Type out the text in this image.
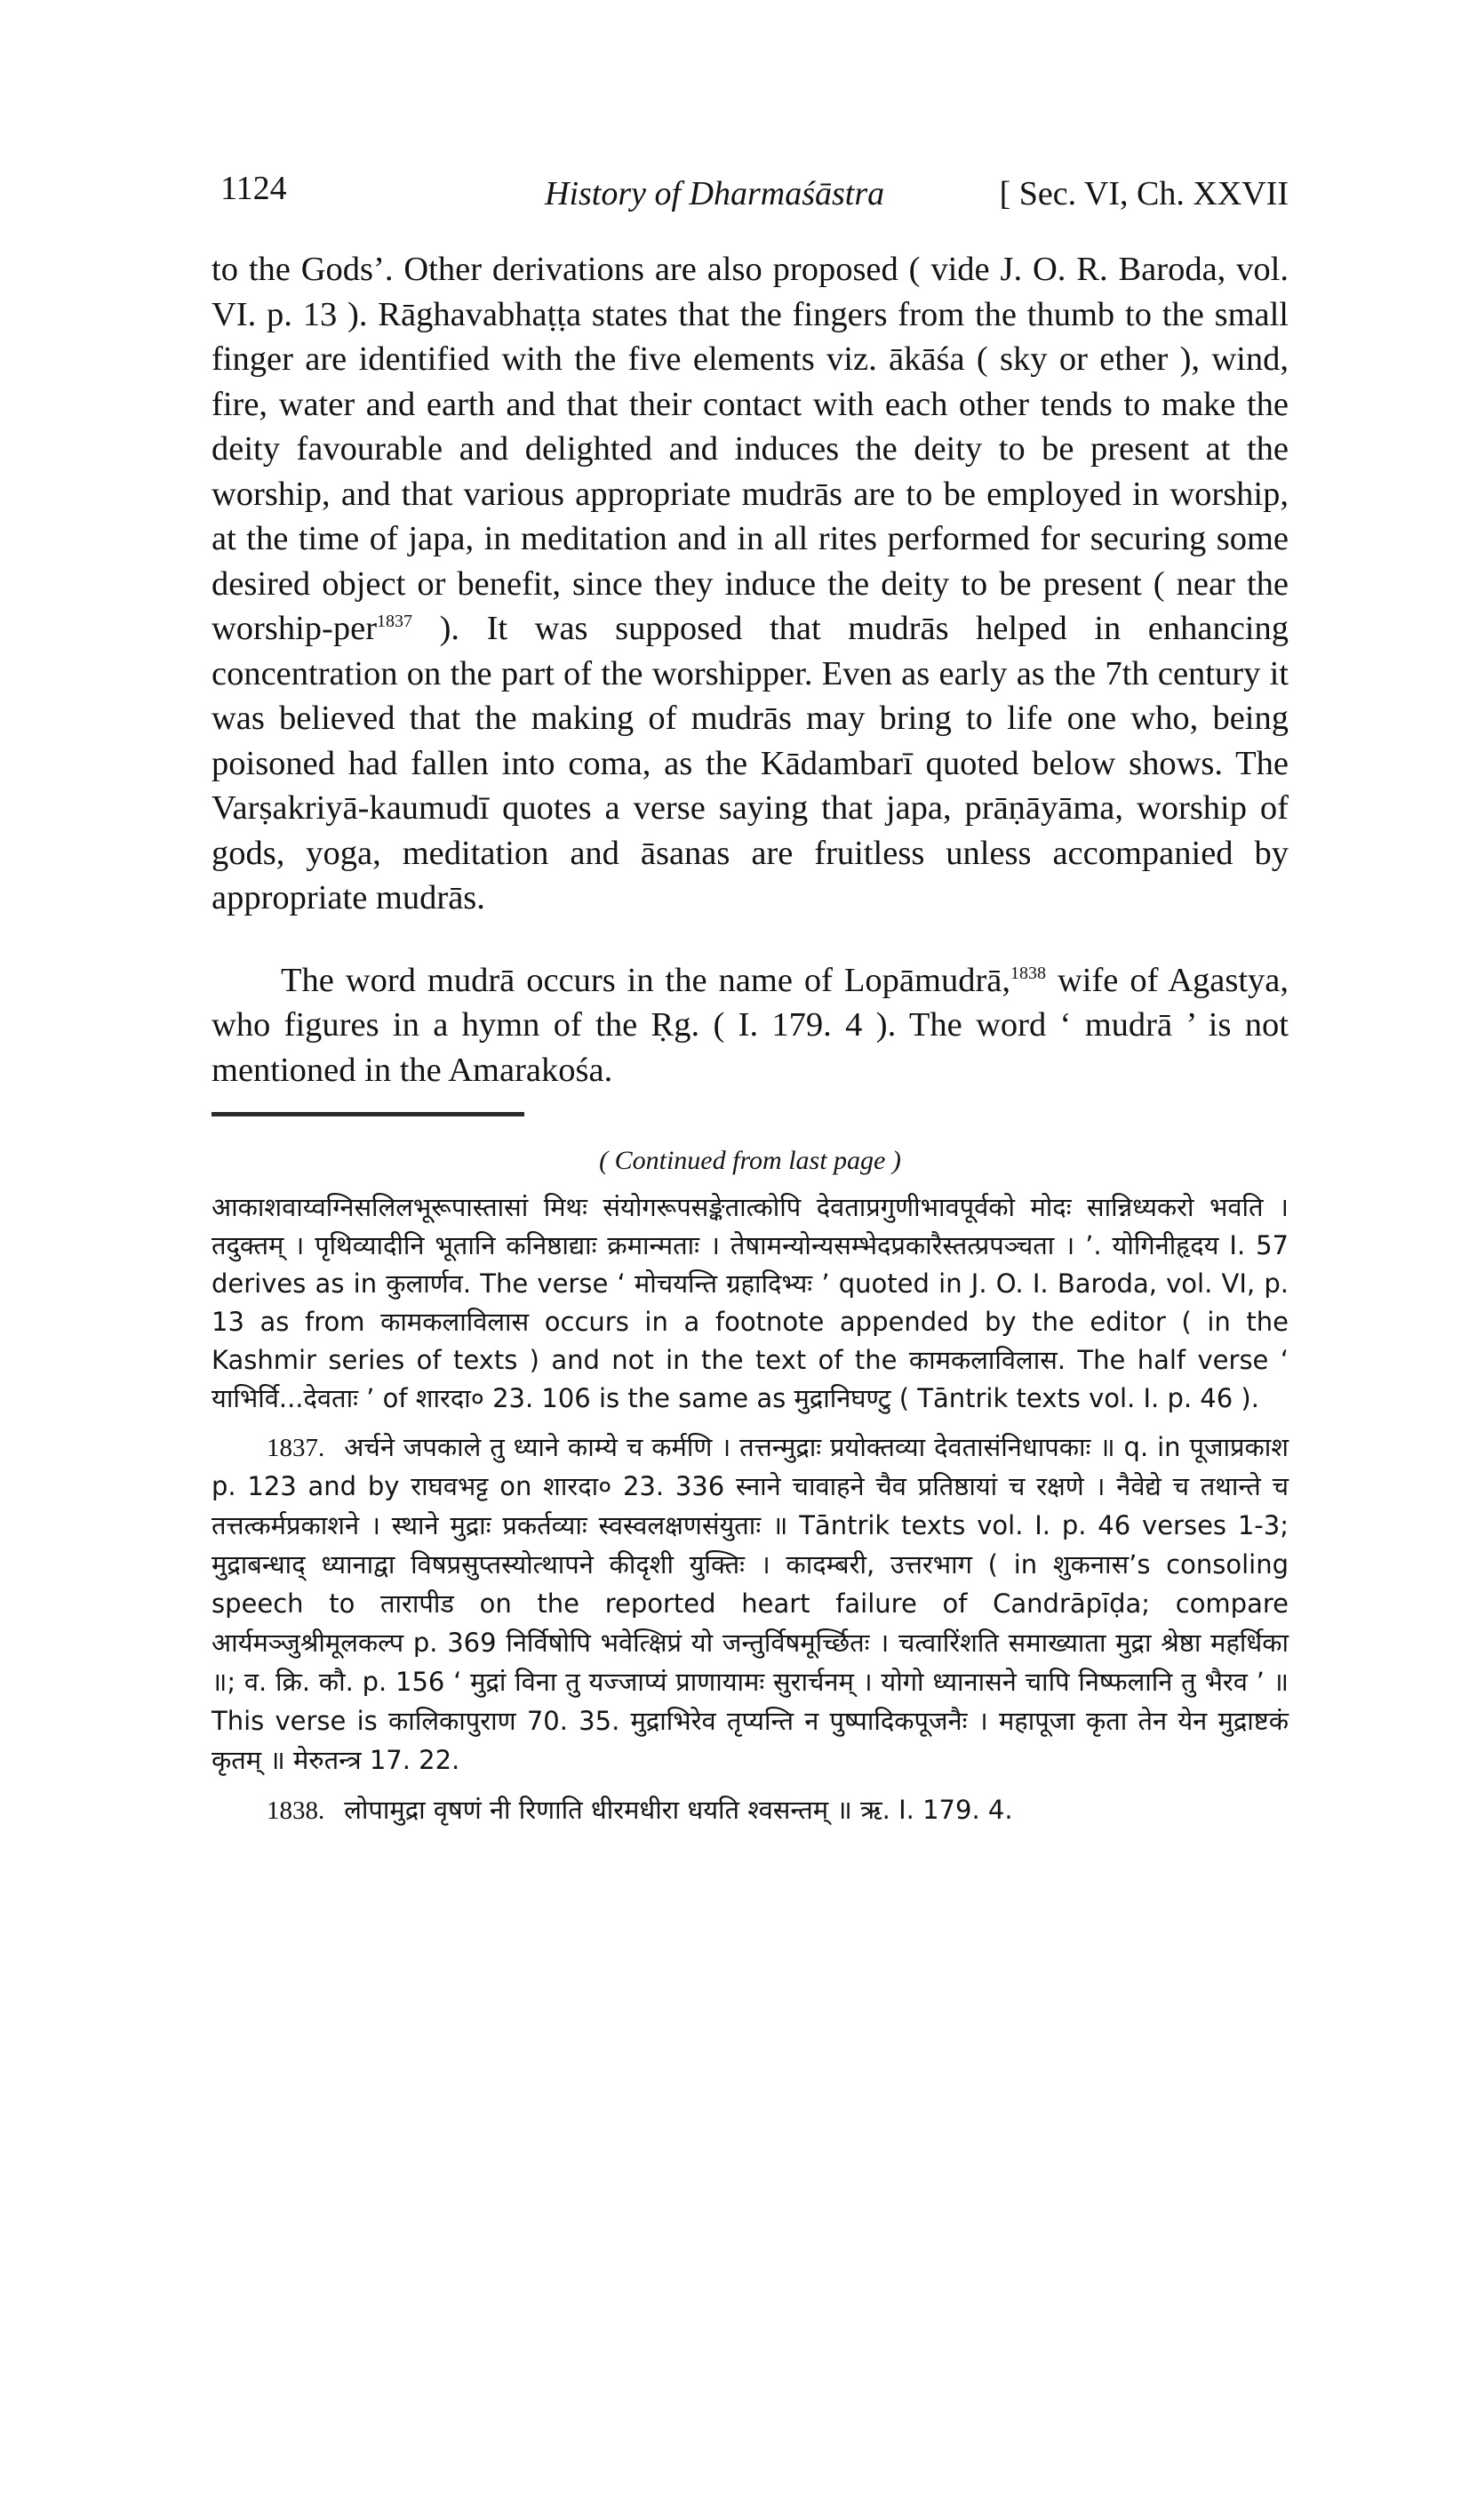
1124	History of Dharmaśāstra	[ Sec. VI, Ch. XXVII

to the Gods’. Other derivations are also proposed ( vide J. O. R. Baroda, vol. VI. p. 13 ). Rāghavabhaṭṭa states that the fingers from the thumb to the small finger are identified with the five elements viz. ākāśa ( sky or ether ), wind, fire, water and earth and that their contact with each other tends to make the deity favourable and delighted and induces the deity to be present at the worship, and that various appropriate mudrās are to be employed in worship, at the time of japa, in meditation and in all rites performed for securing some desired object or benefit, since they induce the deity to be present ( near the worship-per$^{1837}$ ). It was supposed that mudrās helped in enhancing concentration on the part of the worshipper. Even as early as the 7th century it was believed that the making of mudrās may bring to life one who, being poisoned had fallen into coma, as the Kādambarī quoted below shows. The Varṣakriyā-kaumudī quotes a verse saying that japa, prāṇāyāma, worship of gods, yoga, meditation and āsanas are fruitless unless accompanied by appropriate mudrās.

The word mudrā occurs in the name of Lopāmudrā,$^{1838}$ wife of Agastya, who figures in a hymn of the Ṛg. ( I. 179. 4 ). The word ‘ mudrā ’ is not mentioned in the Amarakośa.

( Continued from last page )

आकाशवाय्वग्निसलिलभूरूपास्तासां मिथः संयोगरूपसङ्केतात्कोपि देवताप्रगुणीभावपूर्वको मोदः सान्निध्यकरो भवति । तदुक्तम् । पृथिव्यादीनि भूतानि कनिष्ठाद्याः क्रमान्मताः । तेषामन्योन्यसम्भेदप्रकारैस्तत्प्रपञ्चता । ’. योगिनीहृदय I. 57 derives as in कुलार्णव. The verse ‘ मोचयन्ति ग्रहादिभ्यः ’ quoted in J. O. I. Baroda, vol. VI, p. 13 as from कामकलाविलास occurs in a footnote appended by the editor ( in the Kashmir series of texts ) and not in the text of the कामकलाविलास. The half verse ‘ याभिर्वि...देवताः ’ of शारदा० 23. 106 is the same as मुद्रानिघण्टु ( Tāntrik texts vol. I. p. 46 ).

1837. अर्चने जपकाले तु ध्याने काम्ये च कर्मणि । तत्तन्मुद्राः प्रयोक्तव्या देवतासंनिधापकाः ॥ q. in पूजाप्रकाश p. 123 and by राघवभट्ट on शारदा० 23. 336 स्नाने चावाहने चैव प्रतिष्ठायां च रक्षणे । नैवेद्ये च तथान्ते च तत्तत्कर्मप्रकाशने । स्थाने मुद्राः प्रकर्तव्याः स्वस्वलक्षणसंयुताः ॥ Tāntrik texts vol. I. p. 46 verses 1-3; मुद्राबन्धाद् ध्यानाद्वा विषप्रसुप्तस्योत्थापने कीदृशी युक्तिः । कादम्बरी, उत्तरभाग ( in शुकनास’s consoling speech to तारापीड on the reported heart failure of Candrāpīḍa; compare आर्यमञ्जुश्रीमूलकल्प p. 369 निर्विषोपि भवेत्क्षिप्रं यो जन्तुर्विषमूर्च्छितः । चत्वारिंशति समाख्याता मुद्रा श्रेष्ठा महर्धिका ॥; व. क्रि. कौ. p. 156 ‘ मुद्रां विना तु यज्जाप्यं प्राणायामः सुरार्चनम् । योगो ध्यानासने चापि निष्फलानि तु भैरव ’ ॥ This verse is कालिकापुराण 70. 35. मुद्राभिरेव तृप्यन्ति न पुष्पादिकपूजनैः । महापूजा कृता तेन येन मुद्राष्टकं कृतम् ॥ मेरुतन्त्र 17. 22.

1838. लोपामुद्रा वृषणं नी रिणाति धीरमधीरा धयति श्वसन्तम् ॥ ऋ. I. 179. 4.
